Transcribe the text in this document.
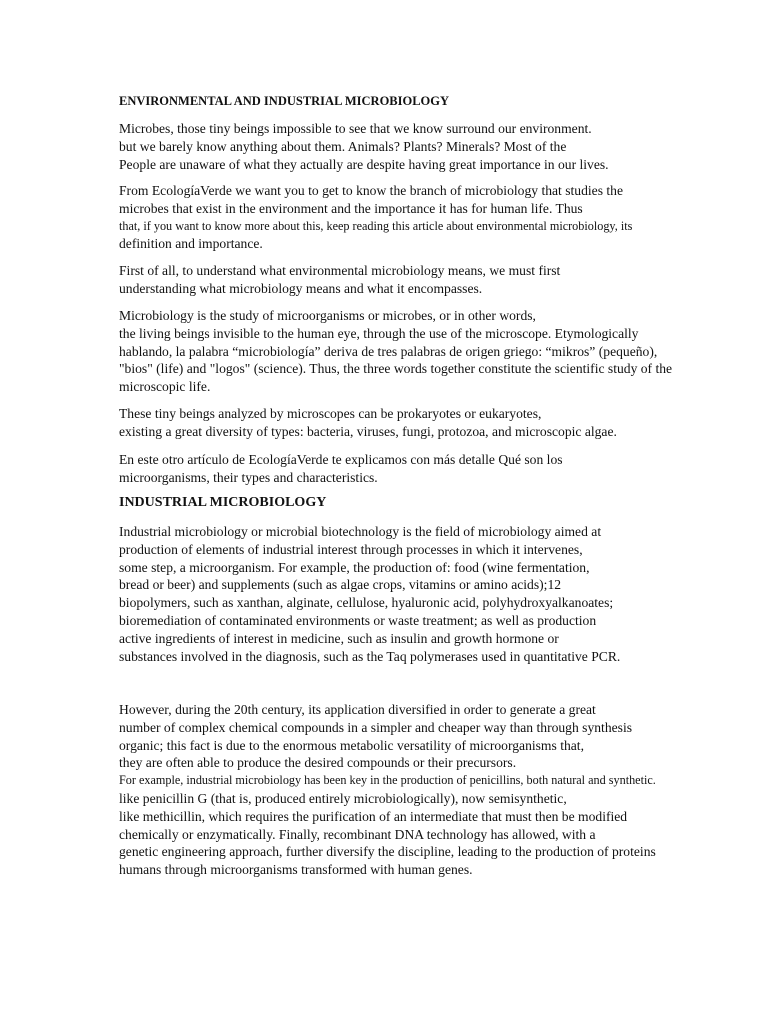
ENVIRONMENTAL AND INDUSTRIAL MICROBIOLOGY
Microbes, those tiny beings impossible to see that we know surround our environment.
but we barely know anything about them. Animals? Plants? Minerals? Most of the
People are unaware of what they actually are despite having great importance in our lives.
From EcologíaVerde we want you to get to know the branch of microbiology that studies the
microbes that exist in the environment and the importance it has for human life. Thus
that, if you want to know more about this, keep reading this article about environmental microbiology, its
definition and importance.
First of all, to understand what environmental microbiology means, we must first
understanding what microbiology means and what it encompasses.
Microbiology is the study of microorganisms or microbes, or in other words,
the living beings invisible to the human eye, through the use of the microscope. Etymologically
hablando, la palabra “microbiología” deriva de tres palabras de origen griego: “mikros” (pequeño),
"bios" (life) and "logos" (science). Thus, the three words together constitute the scientific study of the
microscopic life.
These tiny beings analyzed by microscopes can be prokaryotes or eukaryotes,
existing a great diversity of types: bacteria, viruses, fungi, protozoa, and microscopic algae.
En este otro artículo de EcologíaVerde te explicamos con más detalle Qué son los
microorganisms, their types and characteristics.
INDUSTRIAL MICROBIOLOGY
Industrial microbiology or microbial biotechnology is the field of microbiology aimed at
production of elements of industrial interest through processes in which it intervenes,
some step, a microorganism. For example, the production of: food (wine fermentation,
bread or beer) and supplements (such as algae crops, vitamins or amino acids);12
biopolymers, such as xanthan, alginate, cellulose, hyaluronic acid, polyhydroxyalkanoates;
bioremediation of contaminated environments or waste treatment; as well as production
active ingredients of interest in medicine, such as insulin and growth hormone or
substances involved in the diagnosis, such as the Taq polymerases used in quantitative PCR.
However, during the 20th century, its application diversified in order to generate a great
number of complex chemical compounds in a simpler and cheaper way than through synthesis
organic; this fact is due to the enormous metabolic versatility of microorganisms that,
they are often able to produce the desired compounds or their precursors.
For example, industrial microbiology has been key in the production of penicillins, both natural and synthetic.
like penicillin G (that is, produced entirely microbiologically), now semisynthetic,
like methicillin, which requires the purification of an intermediate that must then be modified
chemically or enzymatically. Finally, recombinant DNA technology has allowed, with a
genetic engineering approach, further diversify the discipline, leading to the production of proteins
humans through microorganisms transformed with human genes.
